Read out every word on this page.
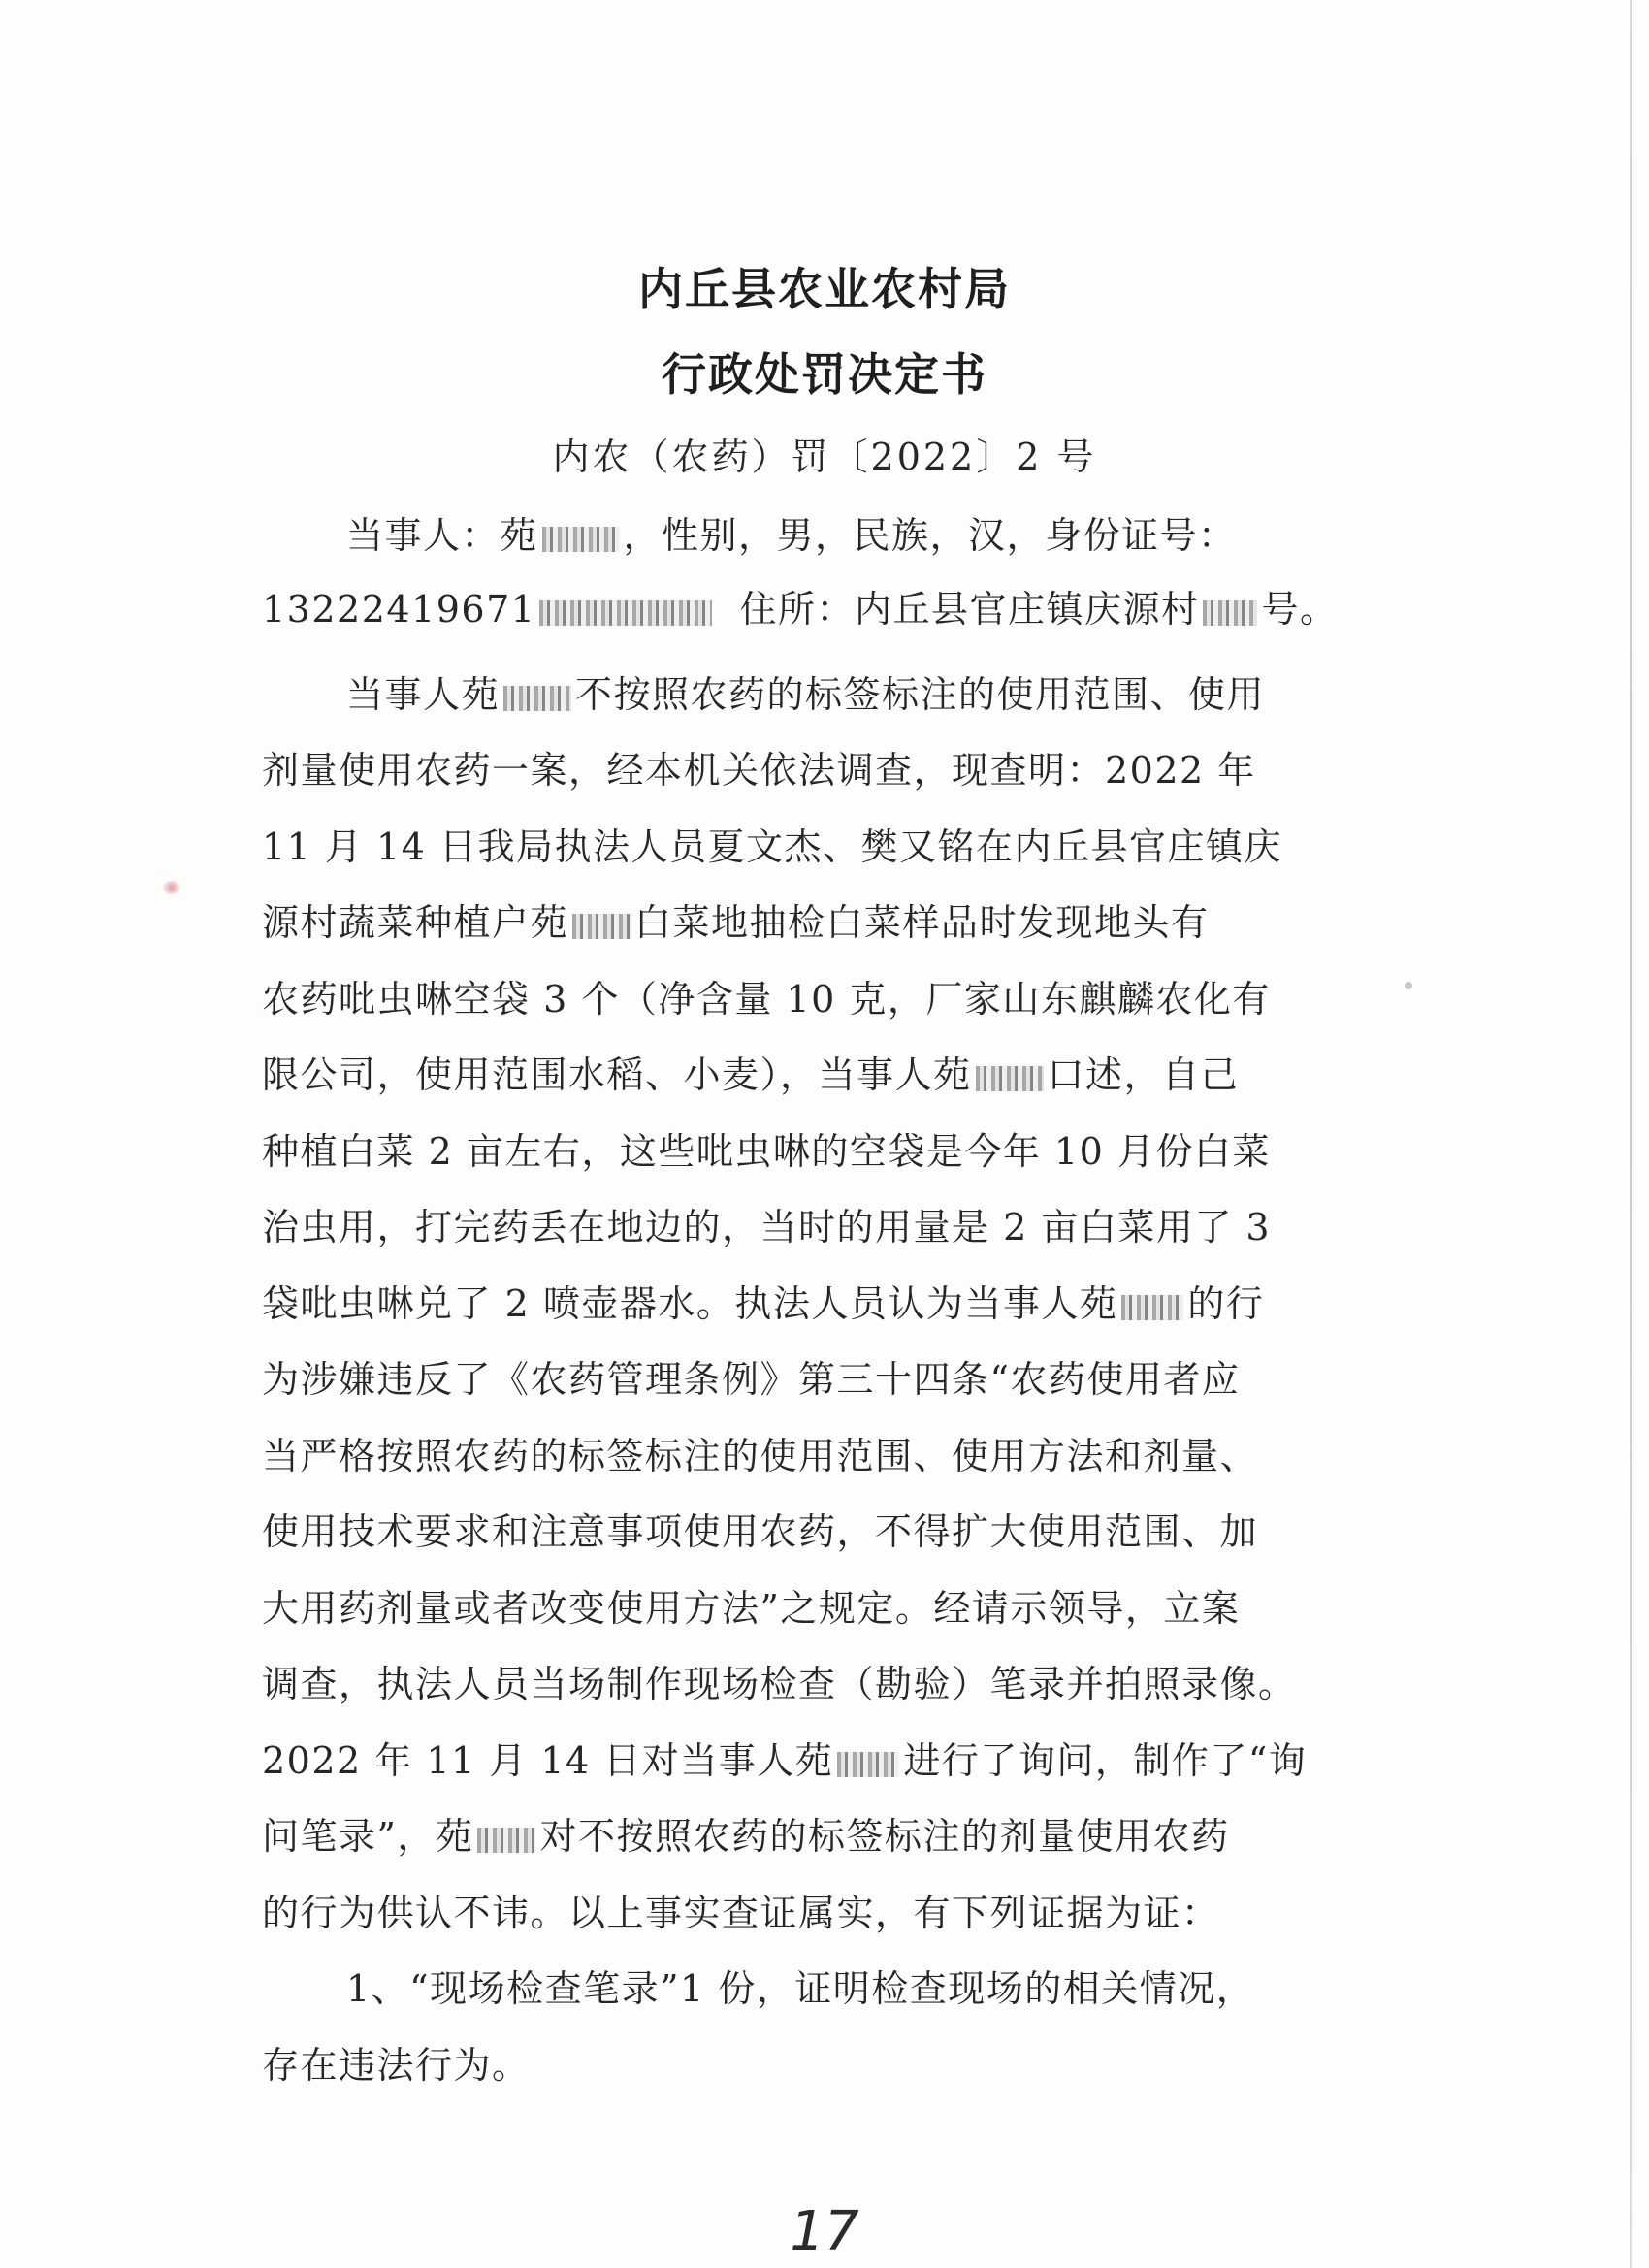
内丘县农业农村局
行政处罚决定书
内农（农药）罚〔2022〕2 号
当事人：苑 ，性别，男，民族，汉，身份证号：
13222419671	住所：内丘县官庄镇庆源村 号。
当事人苑 不按照农药的标签标注的使用范围、使用
剂量使用农药一案，经本机关依法调查，现查明：2022 年
11 月 14 日我局执法人员夏文杰、樊又铭在内丘县官庄镇庆
源村蔬菜种植户苑 白菜地抽检白菜样品时发现地头有
农药吡虫啉空袋 3 个（净含量 10 克，厂家山东麒麟农化有
限公司，使用范围水稻、小麦），当事人苑 口述，自己
种植白菜 2 亩左右，这些吡虫啉的空袋是今年 10 月份白菜
治虫用，打完药丢在地边的，当时的用量是 2 亩白菜用了 3
袋吡虫啉兑了 2 喷壶器水。执法人员认为当事人苑 的行
为涉嫌违反了《农药管理条例》第三十四条“农药使用者应
当严格按照农药的标签标注的使用范围、使用方法和剂量、
使用技术要求和注意事项使用农药，不得扩大使用范围、加
大用药剂量或者改变使用方法”之规定。经请示领导，立案
调查，执法人员当场制作现场检查（勘验）笔录并拍照录像。
2022 年 11 月 14 日对当事人苑 进行了询问，制作了“询
问笔录”，苑 对不按照农药的标签标注的剂量使用农药
的行为供认不讳。以上事实查证属实，有下列证据为证：
1、“现场检查笔录”1 份，证明检查现场的相关情况，
存在违法行为。
17
